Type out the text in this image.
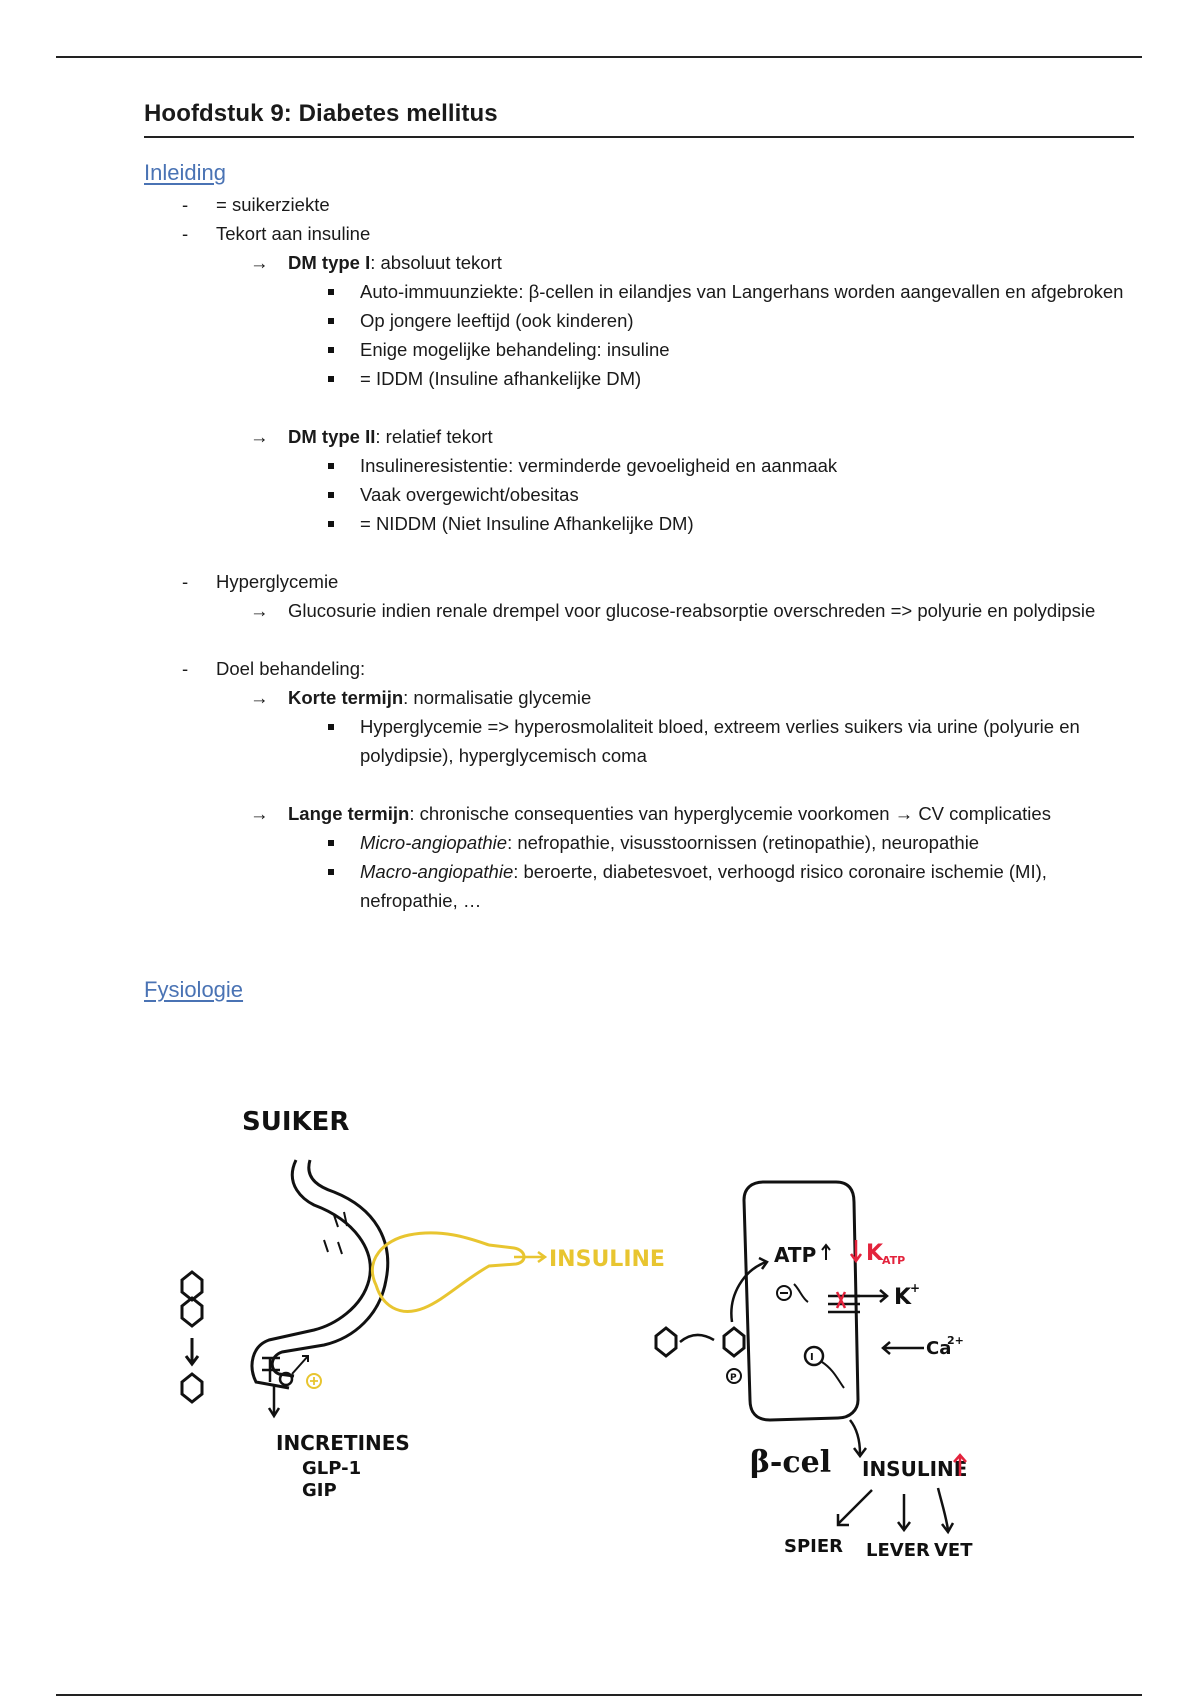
Hoofdstuk 9: Diabetes mellitus
Inleiding
- = suikerziekte
- Tekort aan insuline
→ DM type I: absoluut tekort
Auto-immuunziekte: β-cellen in eilandjes van Langerhans worden aangevallen en afgebroken
Op jongere leeftijd (ook kinderen)
Enige mogelijke behandeling: insuline
= IDDM (Insuline afhankelijke DM)
→ DM type II: relatief tekort
Insulineresistentie: verminderde gevoeligheid en aanmaak
Vaak overgewicht/obesitas
= NIDDM (Niet Insuline Afhankelijke DM)
- Hyperglycemie
→ Glucosurie indien renale drempel voor glucose-reabsorptie overschreden => polyurie en polydipsie
- Doel behandeling:
→ Korte termijn: normalisatie glycemie
Hyperglycemie => hyperosmolaliteit bloed, extreem verlies suikers via urine (polyurie en polydipsie), hyperglycemisch coma
→ Lange termijn: chronische consequenties van hyperglycemie voorkomen → CV complicaties
Micro-angiopathie: nefropathie, visusstoornissen (retinopathie), neuropathie
Macro-angiopathie: beroerte, diabetesvoet, verhoogd risico coronaire ischemie (MI), nefropathie, …
Fysiologie
SUIKER
INSULINE
INCRETINES
GLP-1
GIP
P
ATP
K
+
K
ATP
Ca
2+
I
β-cel INSULINE
SPIER LEVER VET
